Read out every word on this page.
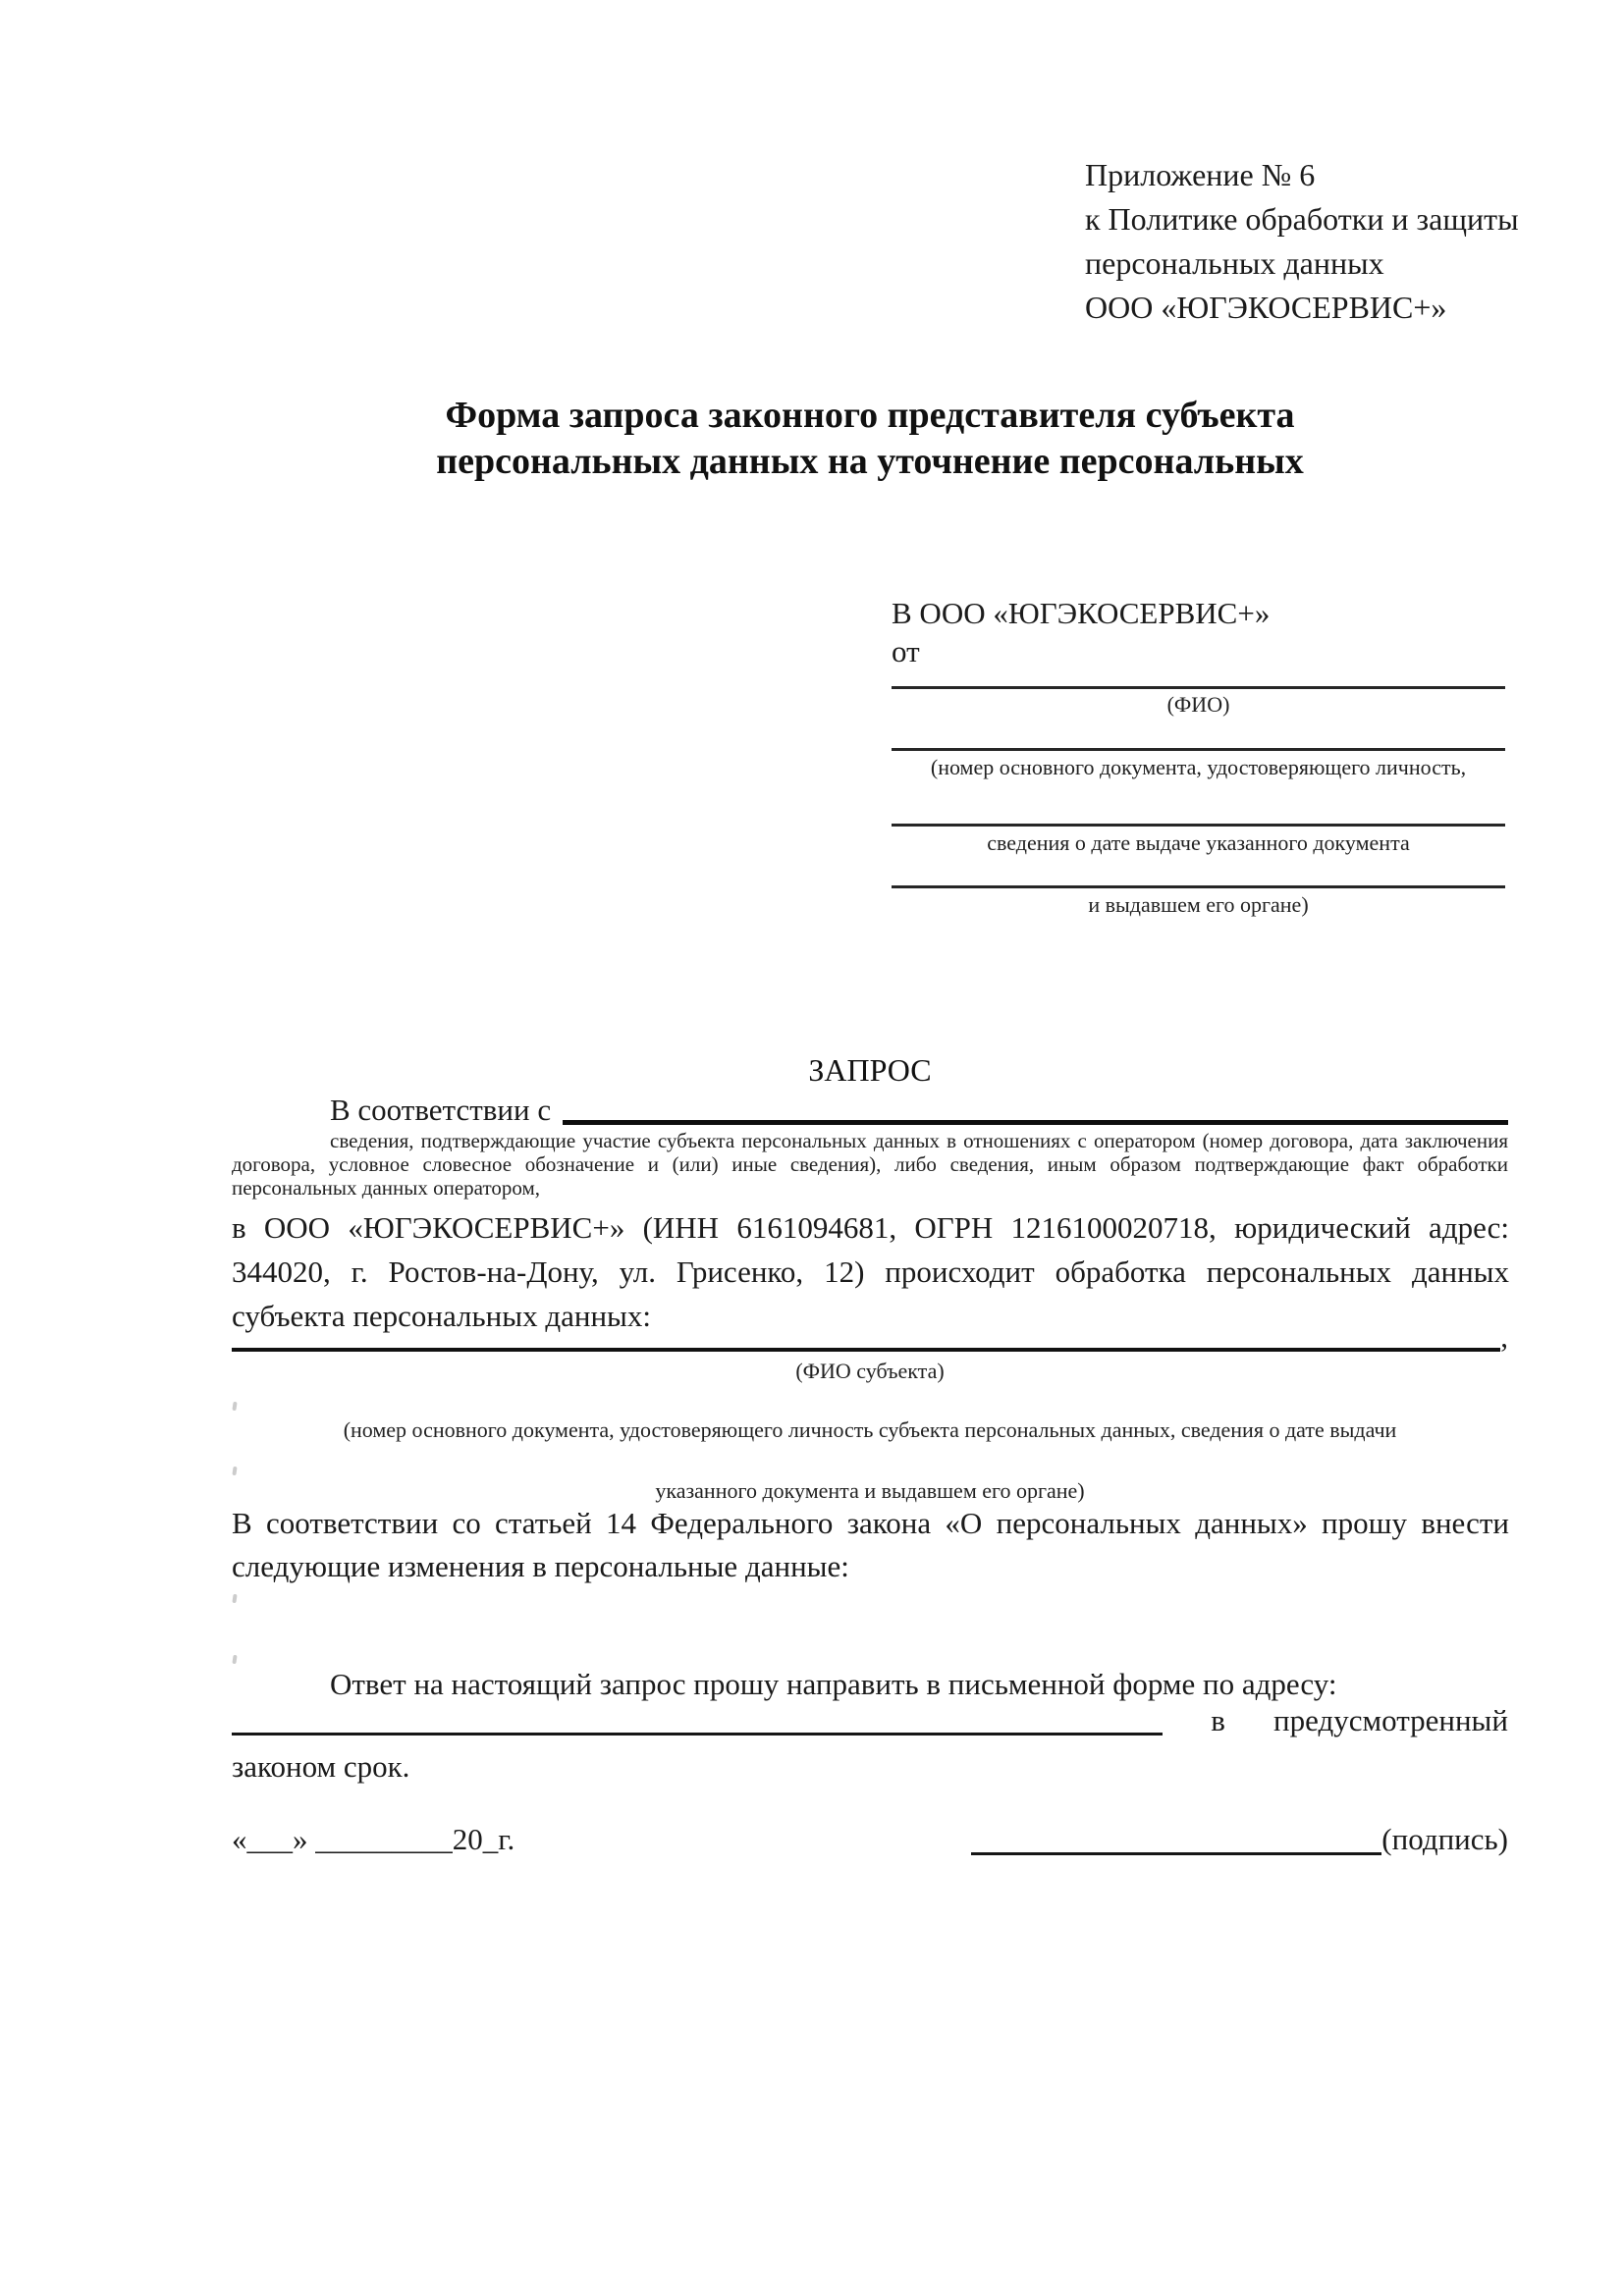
Приложение № 6
к Политике обработки и защиты
персональных данных
ООО «ЮГЭКОСЕРВИС+»
Форма запроса законного представителя субъекта
персональных данных на уточнение персональных
В ООО «ЮГЭКОСЕРВИС+»
от
(ФИО)
(номер основного документа, удостоверяющего личность,
сведения о дате выдаче указанного документа
и выдавшем его органе)
ЗАПРОС
В соответствии с
сведения, подтверждающие участие субъекта персональных данных в отношениях с оператором (номер договора, дата заключения договора, условное словесное обозначение и (или) иные сведения), либо сведения, иным образом подтверждающие факт обработки персональных данных оператором,
в ООО «ЮГЭКОСЕРВИС+» (ИНН 6161094681, ОГРН 1216100020718, юридический адрес: 344020, г. Ростов-на-Дону, ул. Грисенко, 12) происходит обработка персональных данных субъекта персональных данных:
,
(ФИО субъекта)
(номер основного документа, удостоверяющего личность субъекта персональных данных, сведения о дате выдачи
указанного документа и выдавшем его органе)
В соответствии со статьей 14 Федерального закона «О персональных данных» прошу внести следующие изменения в персональные данные:
Ответ на настоящий запрос прошу направить в письменной форме по адресу:
в предусмотренный
законом срок.
«___» _________20_г.	(подпись)
